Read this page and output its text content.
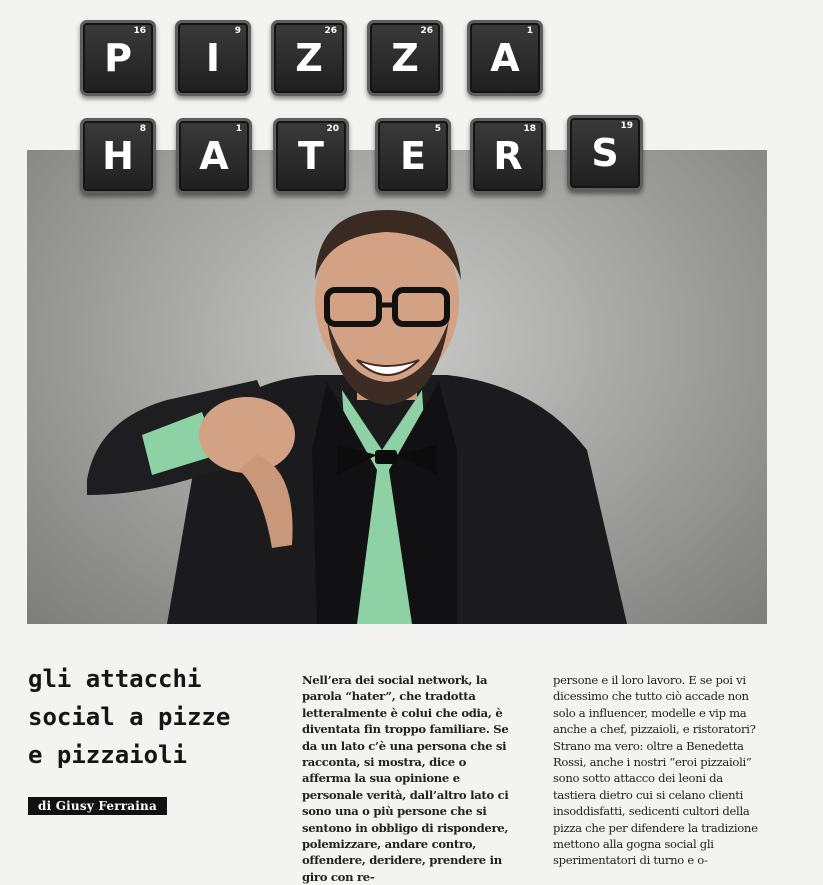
P
16
I
9
Z
26
Z
26
A
1
H
8
A
1
T
20
E
5
R
18
S
19
gli attacchi
social a pizze
e pizzaioli
di Giusy Ferraina

Nell’era dei social network, la parola “hater”, che tradotta letteralmente è colui che odia, è diventata fin troppo familiare. Se da un lato c’è una persona che si racconta, si mostra, dice o afferma la sua opinione e personale verità, dall’altro lato ci sono una o più persone che si sentono in obbligo di rispondere, polemizzare, andare contro, offendere, deridere, prendere in giro con re-

persone e il loro lavoro. E se poi vi dicessimo che tutto ciò accade non solo a influencer, modelle e vip ma anche a chef, pizzaioli, e ristoratori? Strano ma vero: oltre a Benedetta Rossi, anche i nostri “eroi pizzaioli” sono sotto attacco dei leoni da tastiera dietro cui si celano clienti insoddisfatti, sedicenti cultori della pizza che per difendere la tradizione mettono alla gogna social gli sperimentatori di turno e o-
